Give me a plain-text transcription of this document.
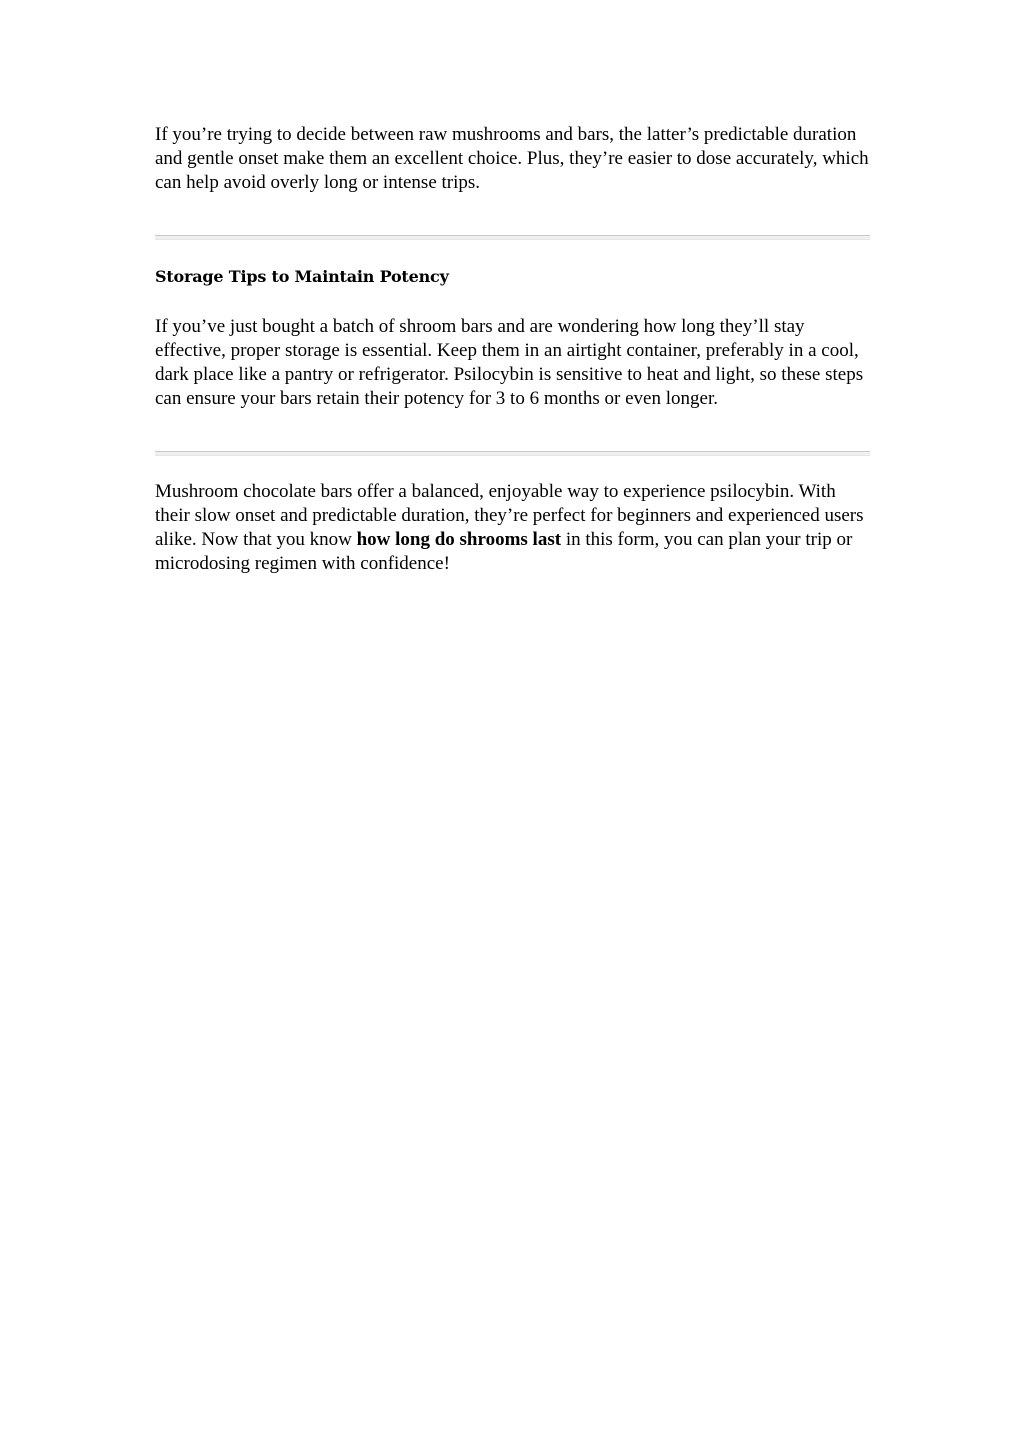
If you’re trying to decide between raw mushrooms and bars, the latter’s predictable duration and gentle onset make them an excellent choice. Plus, they’re easier to dose accurately, which can help avoid overly long or intense trips.

Storage Tips to Maintain Potency

If you’ve just bought a batch of shroom bars and are wondering how long they’ll stay effective, proper storage is essential. Keep them in an airtight container, preferably in a cool, dark place like a pantry or refrigerator. Psilocybin is sensitive to heat and light, so these steps can ensure your bars retain their potency for 3 to 6 months or even longer.

Mushroom chocolate bars offer a balanced, enjoyable way to experience psilocybin. With their slow onset and predictable duration, they’re perfect for beginners and experienced users alike. Now that you know how long do shrooms last in this form, you can plan your trip or microdosing regimen with confidence!
